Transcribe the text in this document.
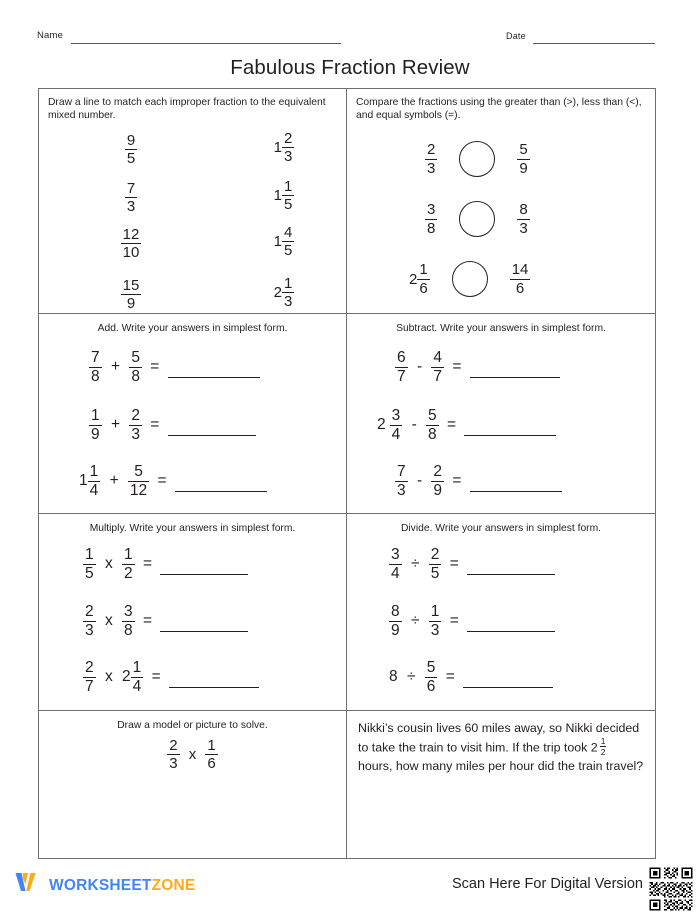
Name	Date
Fabulous Fraction Review
Draw a line to match each improper fraction to the equivalent mixed number.
$\frac{9}{5}$
$\frac{7}{3}$
$\frac{12}{10}$
$\frac{15}{9}$
$1 \frac{2}{3}$
$1 \frac{1}{5}$
$1 \frac{4}{5}$
$2 \frac{1}{3}$
Compare the fractions using the greater than (>), less than (<), and equal symbols (=).
$\frac{2}{3}$	$\frac{5}{9}$
$\frac{3}{8}$	$\frac{8}{3}$
$2 \frac{1}{6}$	$\frac{14}{6}$
Add. Write your answers in simplest form.
$\frac{7}{8} + \frac{5}{8}$ =
$\frac{1}{9} + \frac{2}{3}$ =
$1 \frac{1}{4} + \frac{5}{12}$ =
Subtract. Write your answers in simplest form.
$\frac{6}{7} - \frac{4}{7}$ =
$2 \frac{3}{4} - \frac{5}{8}$ =
$\frac{7}{3} - \frac{2}{9}$ =
Multiply. Write your answers in simplest form.
$\frac{1}{5}$ x $\frac{1}{2}$ =
$\frac{2}{3}$ x $\frac{3}{8}$ =
$\frac{2}{7}$ x $2 \frac{1}{4}$ =
Divide. Write your answers in simplest form.
$\frac{3}{4} \div \frac{2}{5}$ =
$\frac{8}{9} \div \frac{1}{3}$ =
$8 \div \frac{5}{6}$ =
Draw a model or picture to solve.
$\frac{2}{3}$ x $\frac{1}{6}$
Nikki’s cousin lives 60 miles away, so Nikki decided to take the train to visit him. If the trip took $2 \frac{1}{2}$
hours, how many miles per hour did the train travel?
WORKSHEETZONE	Scan Here For Digital Version
